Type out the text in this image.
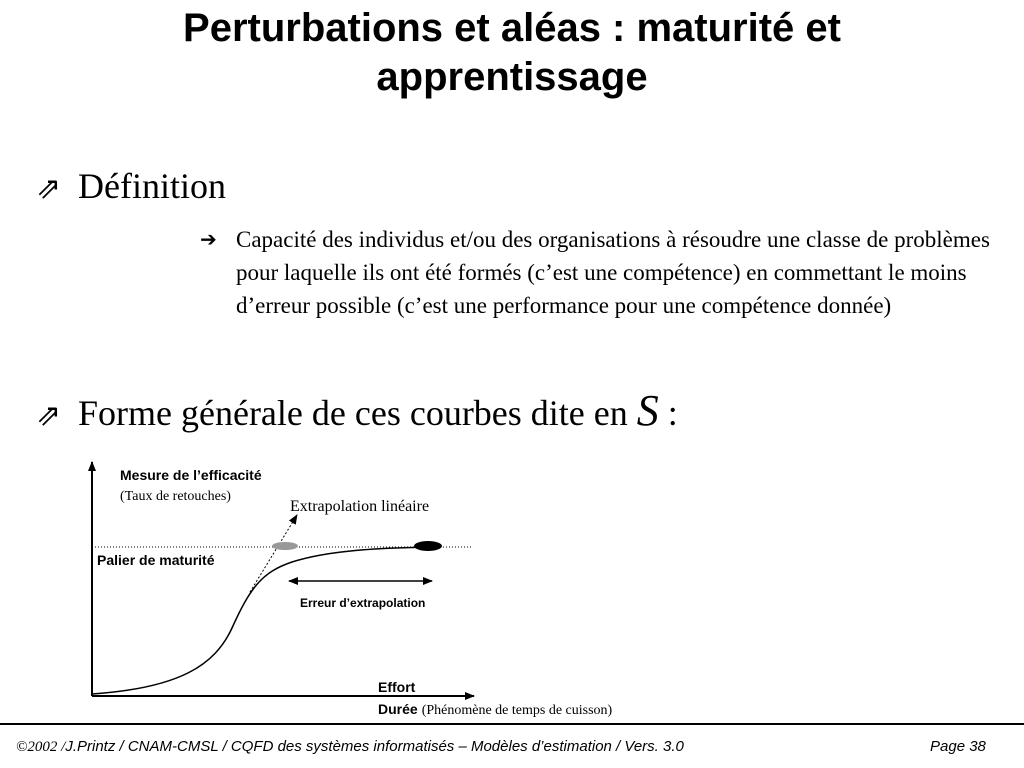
Perturbations et aléas : maturité et
apprentissage
⇗ Définition
➔ Capacité des individus et/ou des organisations à résoudre une classe de problèmes pour laquelle ils ont été formés (c’est une compétence) en commettant le moins d’erreur possible (c’est une performance pour une compétence donnée)
⇗ Forme générale de ces courbes dite en S :
Mesure de l’efficacité
(Taux de retouches)
Extrapolation linéaire
Palier de maturité
Erreur d’extrapolation
Effort
Durée (Phénomène de temps de cuisson)
©2002 /J.Printz / CNAM-CMSL / CQFD des systèmes informatisés – Modèles d’estimation / Vers. 3.0	Page 38
